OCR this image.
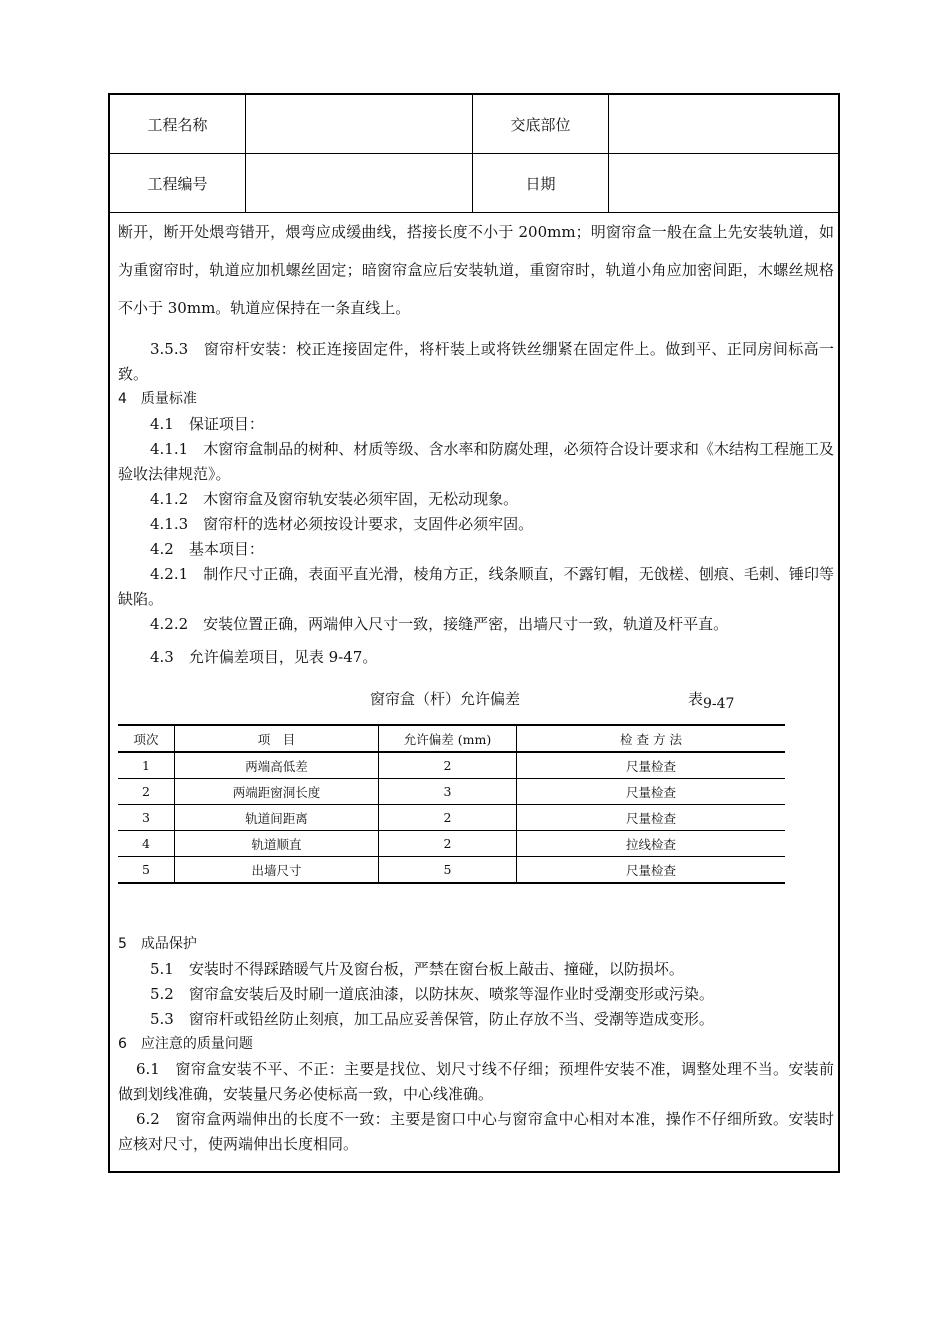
工程名称		交底部位	
工程编号		日期	

断开，断开处煨弯错开，煨弯应成缓曲线，搭接长度不小于 200mm；明窗帘盒一般在盒上先安装轨道，如为重窗帘时，轨道应加机螺丝固定；暗窗帘盒应后安装轨道，重窗帘时，轨道小角应加密间距，木螺丝规格不小于 30mm。轨道应保持在一条直线上。

3.5.3　窗帘杆安装：校正连接固定件，将杆装上或将铁丝绷紧在固定件上。做到平、正同房间标高一致。

4　质量标准

4.1　保证项目：

4.1.1　木窗帘盒制品的树种、材质等级、含水率和防腐处理，必须符合设计要求和《木结构工程施工及验收法律规范》。

4.1.2　木窗帘盒及窗帘轨安装必须牢固，无松动现象。

4.1.3　窗帘杆的选材必须按设计要求，支固件必须牢固。

4.2　基本项目：

4.2.1　制作尺寸正确，表面平直光滑，棱角方正，线条顺直，不露钉帽，无戗槎、刨痕、毛刺、锤印等缺陷。

4.2.2　安装位置正确，两端伸入尺寸一致，接缝严密，出墙尺寸一致，轨道及杆平直。

4.3　允许偏差项目，见表 9-47。

窗帘盒（杆）允许偏差	表9-47
项次	项　目	允许偏差 (mm)	检 查 方 法
1	两端高低差	2	尺量检查
2	两端距窗洞长度	3	尺量检查
3	轨道间距离	2	尺量检查
4	轨道顺直	2	拉线检查
5	出墙尺寸	5	尺量检查

5　成品保护

5.1　安装时不得踩踏暖气片及窗台板，严禁在窗台板上敲击、撞碰，以防损坏。

5.2　窗帘盒安装后及时刷一道底油漆，以防抹灰、喷浆等湿作业时受潮变形或污染。

5.3　窗帘杆或铅丝防止刻痕，加工品应妥善保管，防止存放不当、受潮等造成变形。

6　应注意的质量问题

6.1　窗帘盒安装不平、不正：主要是找位、划尺寸线不仔细；预埋件安装不准，调整处理不当。安装前做到划线准确，安装量尺务必使标高一致，中心线准确。

6.2　窗帘盒两端伸出的长度不一致：主要是窗口中心与窗帘盒中心相对本准，操作不仔细所致。安装时应核对尺寸，使两端伸出长度相同。
